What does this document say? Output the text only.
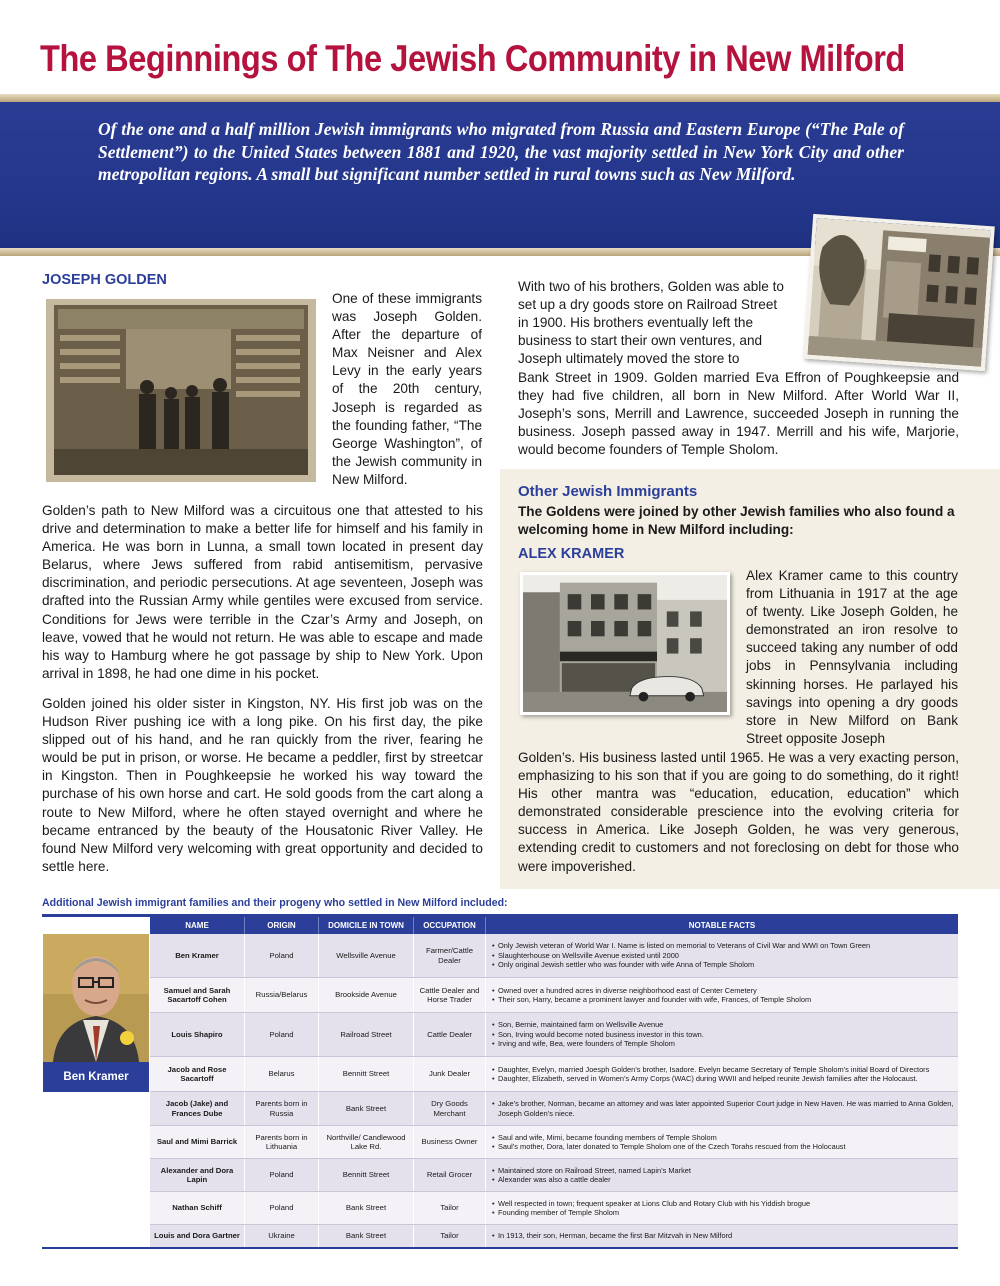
The Beginnings of The Jewish Community in New Milford
Of the one and a half million Jewish immigrants who migrated from Russia and Eastern Europe (“The Pale of Settlement”) to the United States between 1881 and 1920, the vast majority settled in New York City and other metropolitan regions. A small but significant number settled in rural towns such as New Milford.
JOSEPH GOLDEN
One of these immigrants was Joseph Golden. After the departure of Max Neisner and Alex Levy in the early years of the 20th century, Joseph is regarded as the founding father, “The George Washington”, of the Jewish community in New Milford.
Golden’s path to New Milford was a circuitous one that attested to his drive and determination to make a better life for himself and his family in America. He was born in Lunna, a small town located in present day Belarus, where Jews suffered from rabid antisemitism, pervasive discrimination, and periodic persecutions. At age seventeen, Joseph was drafted into the Russian Army while gentiles were excused from service. Conditions for Jews were terrible in the Czar’s Army and Joseph, on leave, vowed that he would not return. He was able to escape and made his way to Hamburg where he got passage by ship to New York. Upon arrival in 1898, he had one dime in his pocket.
Golden joined his older sister in Kingston, NY. His first job was on the Hudson River pushing ice with a long pike. On his first day, the pike slipped out of his hand, and he ran quickly from the river, fearing he would be put in prison, or worse. He became a peddler, first by streetcar in Kingston. Then in Poughkeepsie he worked his way toward the purchase of his own horse and cart. He sold goods from the cart along a route to New Milford, where he often stayed overnight and where he became entranced by the beauty of the Housatonic River Valley. He found New Milford very welcoming with great opportunity and decided to settle here.
With two of his brothers, Golden was able to set up a dry goods store on Railroad Street in 1900. His brothers eventually left the business to start their own ventures, and Joseph ultimately moved the store to
Bank Street in 1909. Golden married Eva Effron of Poughkeepsie and they had five children, all born in New Milford. After World War II, Joseph’s sons, Merrill and Lawrence, succeeded Joseph in running the business. Joseph passed away in 1947. Merrill and his wife, Marjorie, would become founders of Temple Sholom.
Other Jewish Immigrants
The Goldens were joined by other Jewish families who also found a welcoming home in New Milford including:
ALEX KRAMER
Alex Kramer came to this country from Lithuania in 1917 at the age of twenty. Like Joseph Golden, he demonstrated an iron resolve to succeed taking any number of odd jobs in Pennsylvania including skinning horses. He parlayed his savings into opening a dry goods store in New Milford on Bank Street opposite Joseph
Golden’s. His business lasted until 1965. He was a very exacting person, emphasizing to his son that if you are going to do something, do it right! His other mantra was “education, education, education” which demonstrated considerable prescience into the evolving criteria for success in America. Like Joseph Golden, he was very generous, extending credit to customers and not foreclosing on debt for those who were impoverished.
Additional Jewish immigrant families and their progeny who settled in New Milford included:
Ben Kramer
NAME	ORIGIN	DOMICILE IN TOWN	OCCUPATION	NOTABLE FACTS
Ben Kramer	Poland	Wellsville Avenue
Farmer/Cattle Dealer
• Only Jewish veteran of World War I. Name is listed on memorial to Veterans of Civil War and WWI on Town Green
• Slaughterhouse on Wellsville Avenue existed until 2000
• Only original Jewish settler who was founder with wife Anna of Temple Sholom
Samuel and Sarah Sacartoff Cohen
Russia/Belarus	Brookside Avenue
Cattle Dealer and Horse Trader
• Owned over a hundred acres in diverse neighborhood east of Center Cemetery
• Their son, Harry, became a prominent lawyer and founder with wife, Frances, of Temple Sholom
Louis Shapiro	Poland	Railroad Street	Cattle Dealer
• Son, Bernie, maintained farm on Wellsville Avenue
• Son, Irving would become noted business investor in this town.
• Irving and wife, Bea, were founders of Temple Sholom
Jacob and Rose Sacartoff
Belarus	Bennitt Street	Junk Dealer
• Daughter, Evelyn, married Joesph Golden’s brother, Isadore. Evelyn became Secretary of Temple Sholom’s initial Board of Directors
• Daughter, Elizabeth, served in Women’s Army Corps (WAC) during WWII and helped reunite Jewish families after the Holocaust.
Jacob (Jake) and Frances Dube
Parents born in Russia
Bank Street
Dry Goods Merchant
• Jake’s brother, Norman, became an attorney and was later appointed Superior Court judge in New Haven. He was married to Anna Golden, Joseph Golden’s niece.
Saul and Mimi Barrick
Parents born in Lithuania
Northville/ Candlewood Lake Rd.
Business Owner
• Saul and wife, Mimi, became founding members of Temple Sholom
• Saul’s mother, Dora, later donated to Temple Sholom one of the Czech Torahs rescued from the Holocaust
Alexander and Dora Lapin
Poland	Bennitt Street	Retail Grocer
• Maintained store on Railroad Street, named Lapin’s Market
• Alexander was also a cattle dealer
Nathan Schiff	Poland	Bank Street	Tailor
• Well respected in town; frequent speaker at Lions Club and Rotary Club with his Yiddish brogue
• Founding member of Temple Sholom
Louis and Dora Gartner	Ukraine	Bank Street	Tailor
•	In 1913, their son, Herman, became the first Bar Mitzvah in New Milford
